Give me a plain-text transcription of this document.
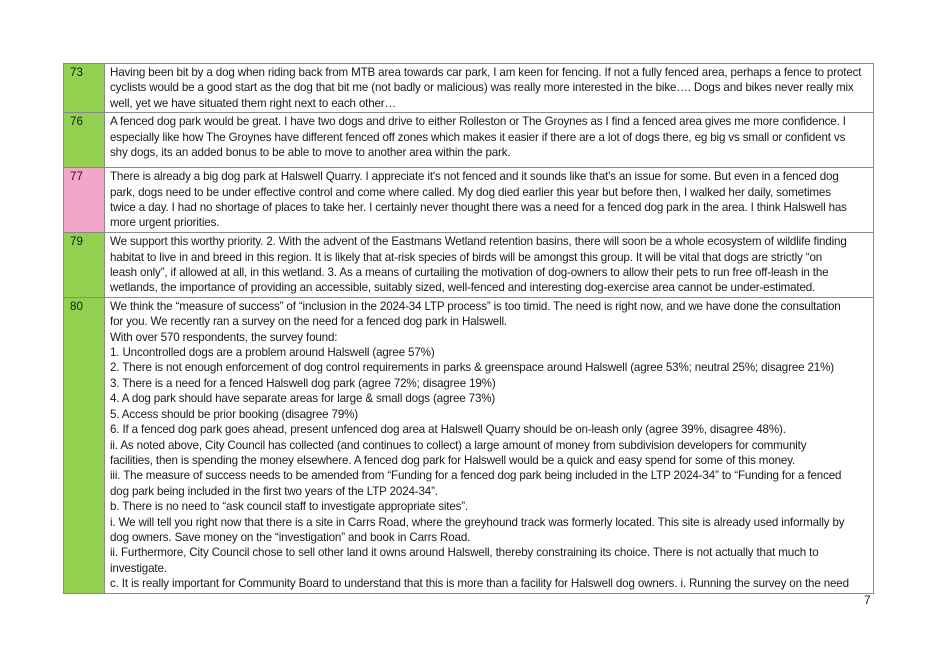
73	Having been bit by a dog when riding back from MTB area towards car park, I am keen for fencing. If not a fully fenced area, perhaps a fence to protect
cyclists would be a good start as the dog that bit me (not badly or malicious) was really more interested in the bike…. Dogs and bikes never really mix
well, yet we have situated them right next to each other…

76	A fenced dog park would be great. I have two dogs and drive to either Rolleston or The Groynes as I find a fenced area gives me more confidence. I
especially like how The Groynes have different fenced off zones which makes it easier if there are a lot of dogs there, eg big vs small or confident vs
shy dogs, its an added bonus to be able to move to another area within the park.

77	There is already a big dog park at Halswell Quarry. I appreciate it's not fenced and it sounds like that's an issue for some. But even in a fenced dog
park, dogs need to be under effective control and come where called. My dog died earlier this year but before then, I walked her daily, sometimes
twice a day. I had no shortage of places to take her. I certainly never thought there was a need for a fenced dog park in the area. I think Halswell has
more urgent priorities.

79	We support this worthy priority. 2. With the advent of the Eastmans Wetland retention basins, there will soon be a whole ecosystem of wildlife finding
habitat to live in and breed in this region. It is likely that at-risk species of birds will be amongst this group. It will be vital that dogs are strictly “on
leash only”, if allowed at all, in this wetland. 3. As a means of curtailing the motivation of dog-owners to allow their pets to run free off-leash in the
wetlands, the importance of providing an accessible, suitably sized, well-fenced and interesting dog-exercise area cannot be under-estimated.

80	We think the “measure of success” of “inclusion in the 2024-34 LTP process” is too timid. The need is right now, and we have done the consultation
for you. We recently ran a survey on the need for a fenced dog park in Halswell.
With over 570 respondents, the survey found:
1. Uncontrolled dogs are a problem around Halswell (agree 57%)
2. There is not enough enforcement of dog control requirements in parks & greenspace around Halswell (agree 53%; neutral 25%; disagree 21%)
3. There is a need for a fenced Halswell dog park (agree 72%; disagree 19%)
4. A dog park should have separate areas for large & small dogs (agree 73%)
5. Access should be prior booking (disagree 79%)
6. If a fenced dog park goes ahead, present unfenced dog area at Halswell Quarry should be on-leash only (agree 39%, disagree 48%).
ii. As noted above, City Council has collected (and continues to collect) a large amount of money from subdivision developers for community
facilities, then is spending the money elsewhere. A fenced dog park for Halswell would be a quick and easy spend for some of this money.
iii. The measure of success needs to be amended from “Funding for a fenced dog park being included in the LTP 2024-34” to “Funding for a fenced
dog park being included in the first two years of the LTP 2024-34”.
b. There is no need to “ask council staff to investigate appropriate sites”.
i. We will tell you right now that there is a site in Carrs Road, where the greyhound track was formerly located. This site is already used informally by
dog owners. Save money on the “investigation” and book in Carrs Road.
ii. Furthermore, City Council chose to sell other land it owns around Halswell, thereby constraining its choice. There is not actually that much to
investigate.
c. It is really important for Community Board to understand that this is more than a facility for Halswell dog owners. i. Running the survey on the need
7
